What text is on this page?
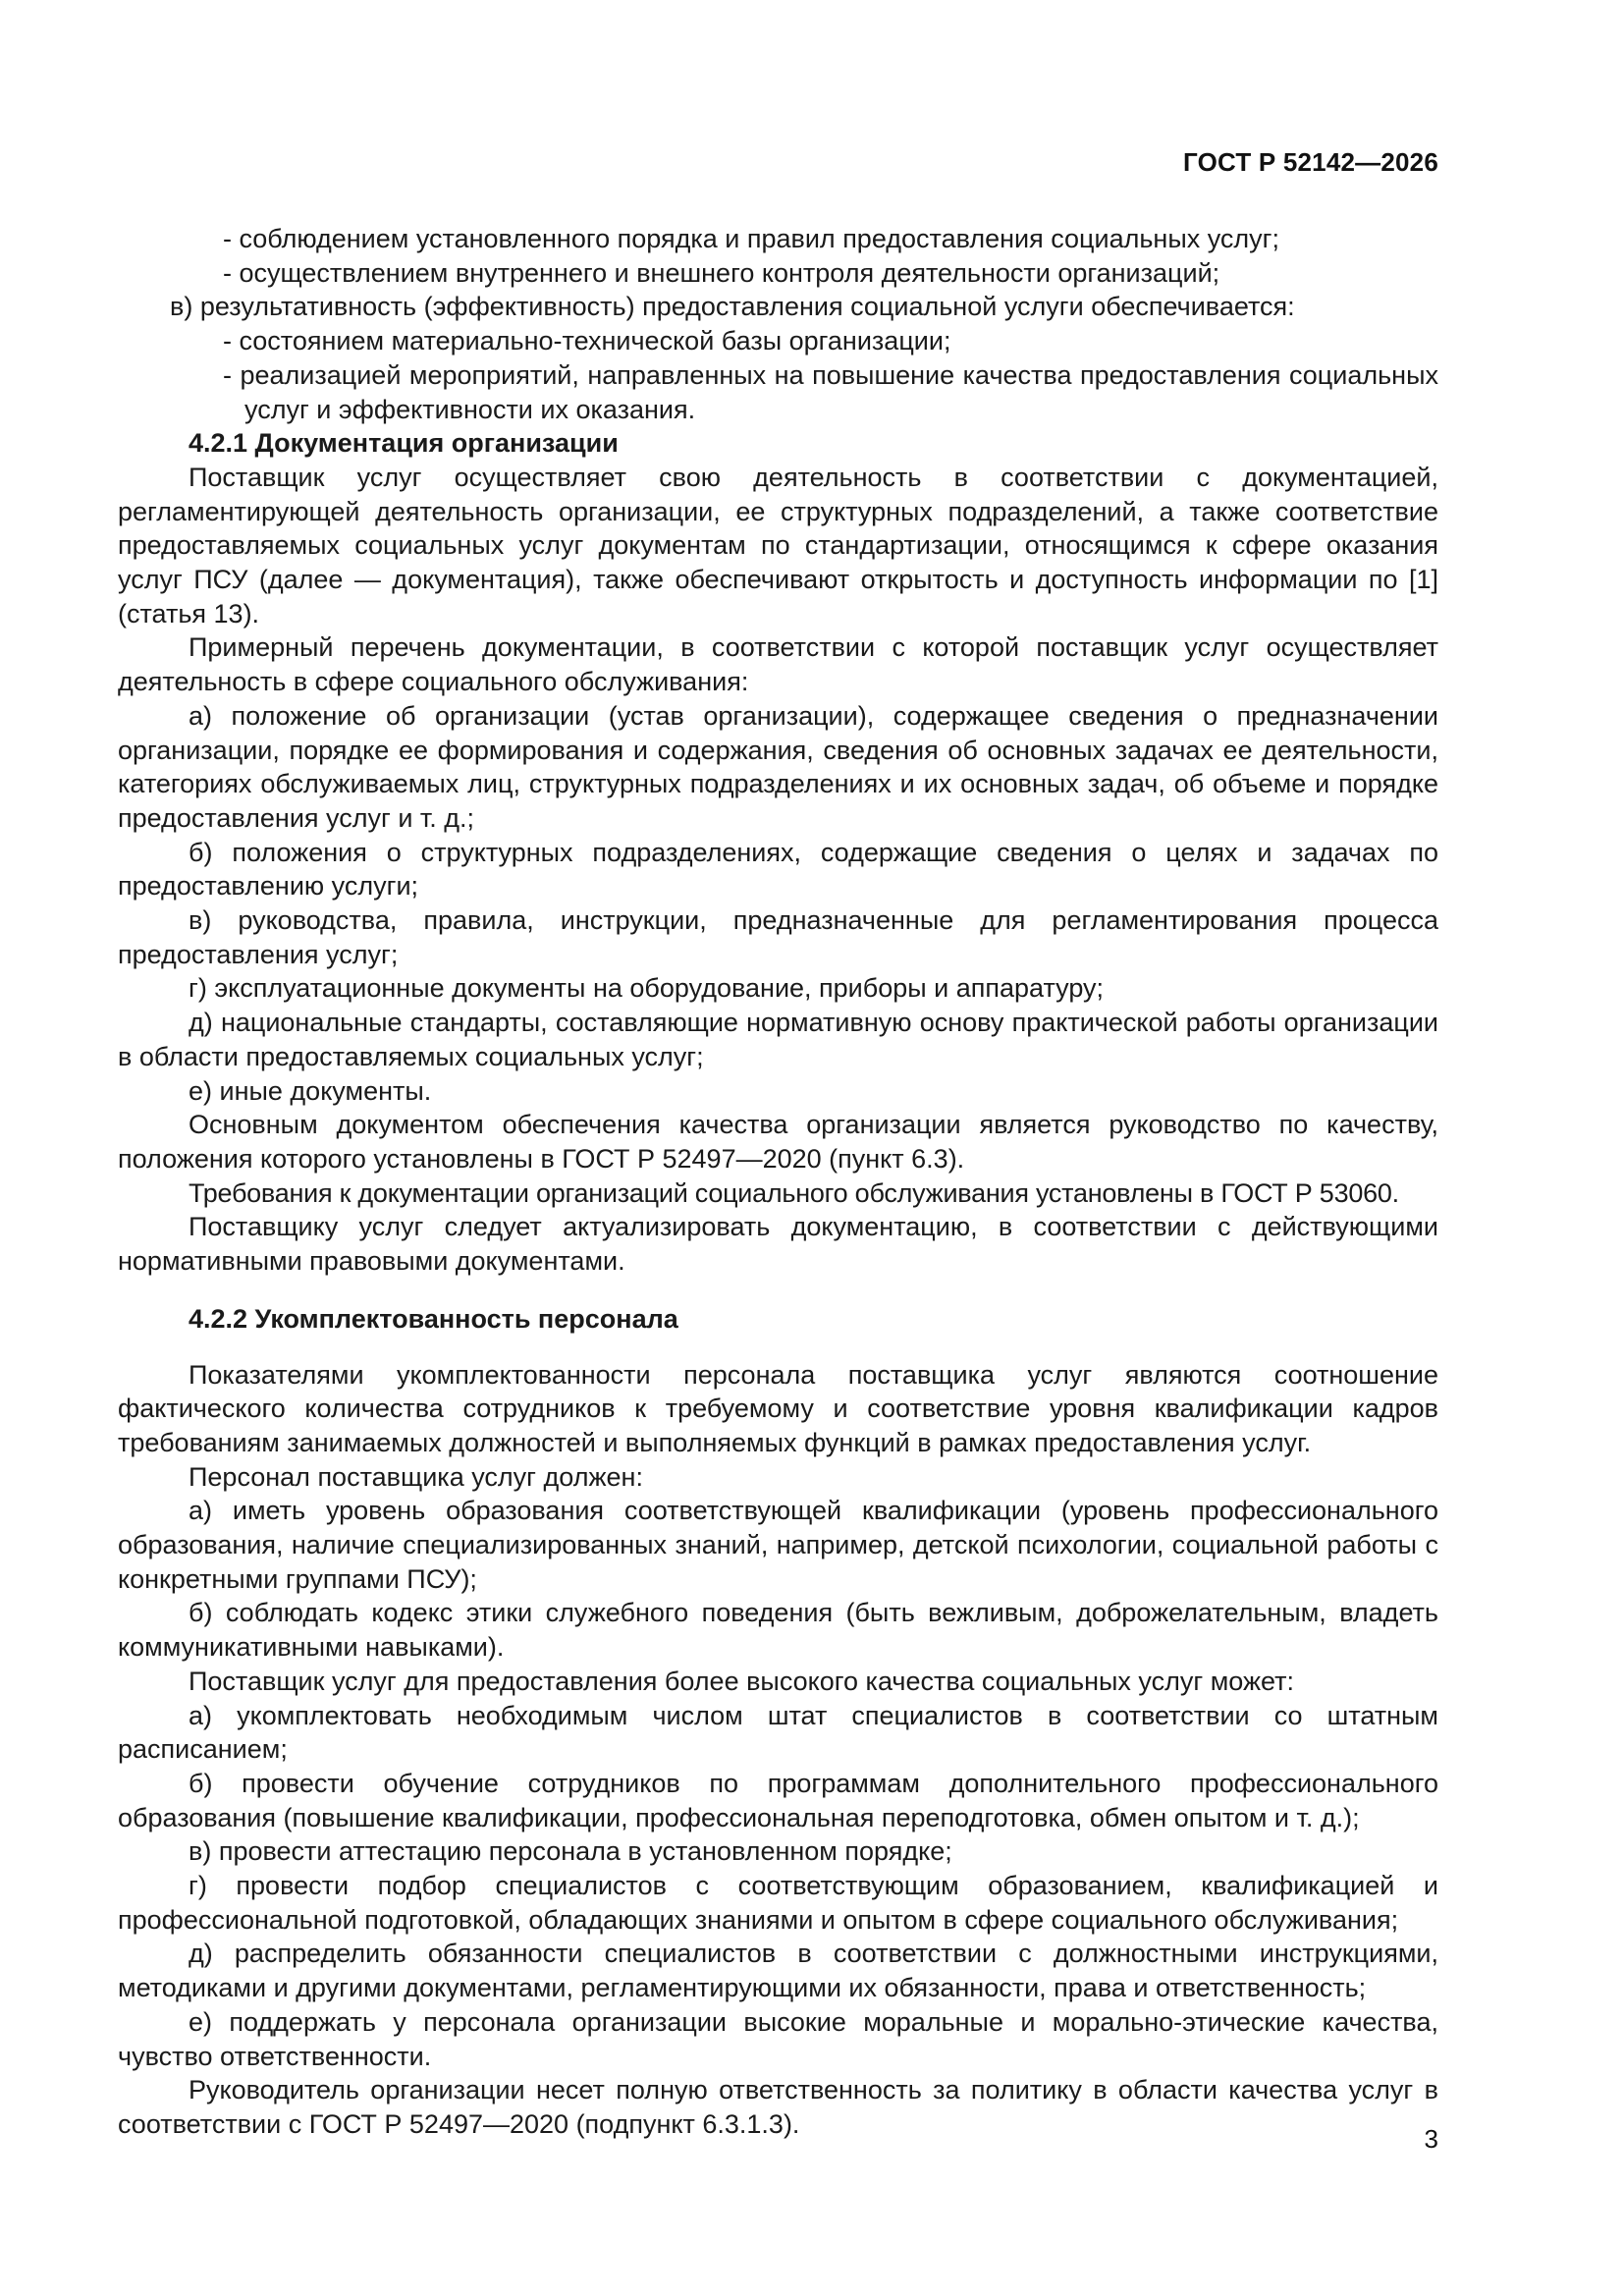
ГОСТ Р 52142—2026

- соблюдением установленного порядка и правил предоставления социальных услуг;

- осуществлением внутреннего и внешнего контроля деятельности организаций;

в) результативность (эффективность) предоставления социальной услуги обеспечивается:

- состоянием материально-технической базы организации;

- реализацией мероприятий, направленных на повышение качества предоставления социальных услуг и эффективности их оказания.

4.2.1 Документация организации

Поставщик услуг осуществляет свою деятельность в соответствии с документацией, регламентирующей деятельность организации, ее структурных подразделений, а также соответствие предоставляемых социальных услуг документам по стандартизации, относящимся к сфере оказания услуг ПСУ (далее — документация), также обеспечивают открытость и доступность информации по [1] (статья 13).

Примерный перечень документации, в соответствии с которой поставщик услуг осуществляет деятельность в сфере социального обслуживания:

а) положение об организации (устав организации), содержащее сведения о предназначении организации, порядке ее формирования и содержания, сведения об основных задачах ее деятельности, категориях обслуживаемых лиц, структурных подразделениях и их основных задач, об объеме и порядке предоставления услуг и т. д.;

б) положения о структурных подразделениях, содержащие сведения о целях и задачах по предоставлению услуги;

в) руководства, правила, инструкции, предназначенные для регламентирования процесса предоставления услуг;

г) эксплуатационные документы на оборудование, приборы и аппаратуру;

д) национальные стандарты, составляющие нормативную основу практической работы организации в области предоставляемых социальных услуг;

е) иные документы.

Основным документом обеспечения качества организации является руководство по качеству, положения которого установлены в ГОСТ Р 52497—2020 (пункт 6.3).

Требования к документации организаций социального обслуживания установлены в ГОСТ Р 53060.

Поставщику услуг следует актуализировать документацию, в соответствии с действующими нормативными правовыми документами.

4.2.2 Укомплектованность персонала

Показателями укомплектованности персонала поставщика услуг являются соотношение фактического количества сотрудников к требуемому и соответствие уровня квалификации кадров требованиям занимаемых должностей и выполняемых функций в рамках предоставления услуг.

Персонал поставщика услуг должен:

а) иметь уровень образования соответствующей квалификации (уровень профессионального образования, наличие специализированных знаний, например, детской психологии, социальной работы с конкретными группами ПСУ);

б) соблюдать кодекс этики служебного поведения (быть вежливым, доброжелательным, владеть коммуникативными навыками).

Поставщик услуг для предоставления более высокого качества социальных услуг может:

а) укомплектовать необходимым числом штат специалистов в соответствии со штатным расписанием;

б) провести обучение сотрудников по программам дополнительного профессионального образования (повышение квалификации, профессиональная переподготовка, обмен опытом и т. д.);

в) провести аттестацию персонала в установленном порядке;

г) провести подбор специалистов с соответствующим образованием, квалификацией и профессиональной подготовкой, обладающих знаниями и опытом в сфере социального обслуживания;

д) распределить обязанности специалистов в соответствии с должностными инструкциями, методиками и другими документами, регламентирующими их обязанности, права и ответственность;

е) поддержать у персонала организации высокие моральные и морально-этические качества, чувство ответственности.

Руководитель организации несет полную ответственность за политику в области качества услуг в соответствии с ГОСТ Р 52497—2020 (подпункт 6.3.1.3).

3
